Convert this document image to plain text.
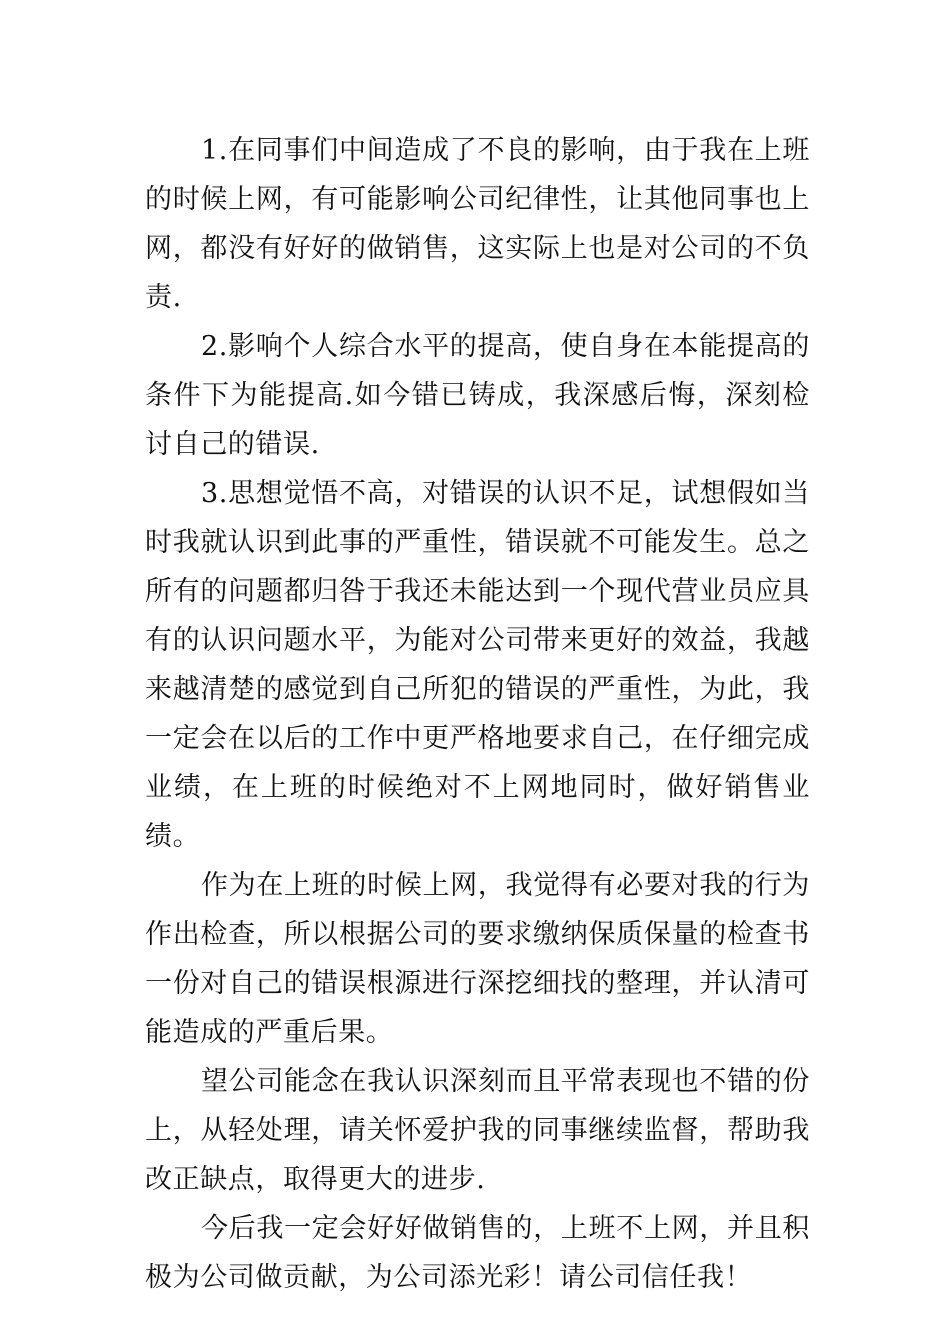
1.在同事们中间造成了不良的影响，由于我在上班的时候上网，有可能影响公司纪律性，让其他同事也上网，都没有好好的做销售，这实际上也是对公司的不负责.

2.影响个人综合水平的提高，使自身在本能提高的条件下为能提高.如今错已铸成，我深感后悔，深刻检讨自己的错误.

3.思想觉悟不高，对错误的认识不足，试想假如当时我就认识到此事的严重性，错误就不可能发生。总之所有的问题都归咎于我还未能达到一个现代营业员应具有的认识问题水平，为能对公司带来更好的效益，我越来越清楚的感觉到自己所犯的错误的严重性，为此，我一定会在以后的工作中更严格地要求自己，在仔细完成业绩，在上班的时候绝对不上网地同时，做好销售业绩。

作为在上班的时候上网，我觉得有必要对我的行为作出检查，所以根据公司的要求缴纳保质保量的检查书一份对自己的错误根源进行深挖细找的整理，并认清可能造成的严重后果。

望公司能念在我认识深刻而且平常表现也不错的份上，从轻处理，请关怀爱护我的同事继续监督，帮助我改正缺点，取得更大的进步.

今后我一定会好好做销售的，上班不上网，并且积极为公司做贡献，为公司添光彩！请公司信任我！
